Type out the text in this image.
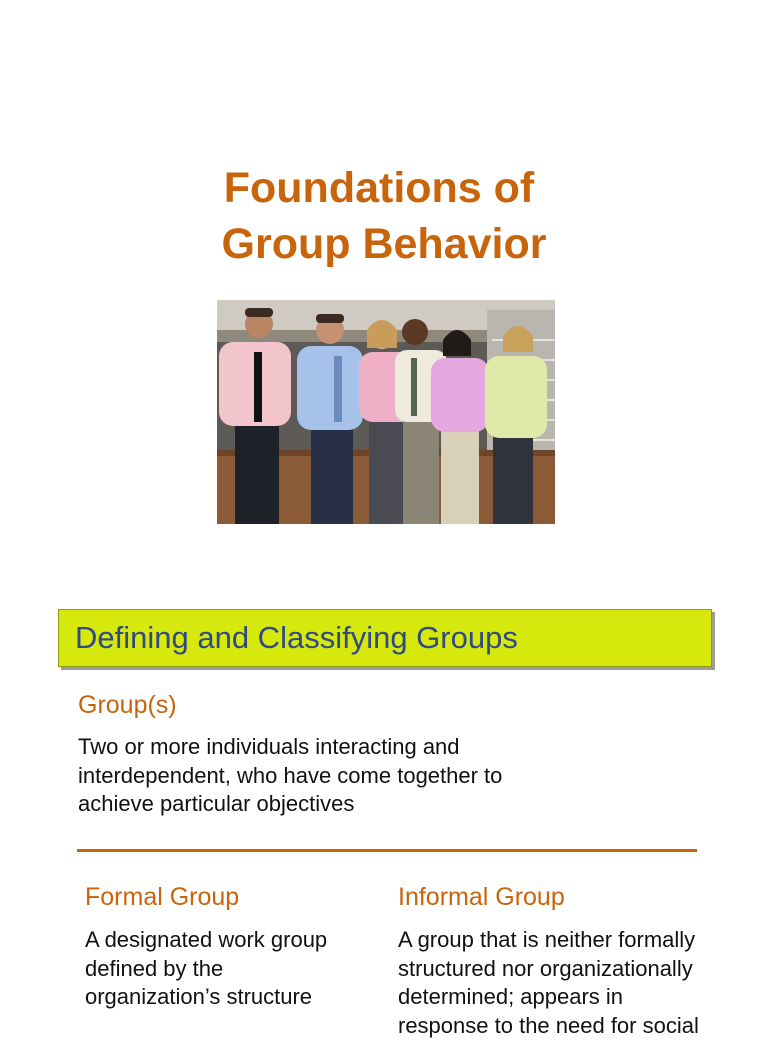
Foundations of
Group Behavior
Defining and Classifying Groups
Group(s)
Two or more individuals interacting and
interdependent, who have come together to
achieve particular objectives
Formal Group
A designated work group
defined by the
organization’s structure
Informal Group
A group that is neither formally
structured nor organizationally
determined; appears in
response to the need for social
